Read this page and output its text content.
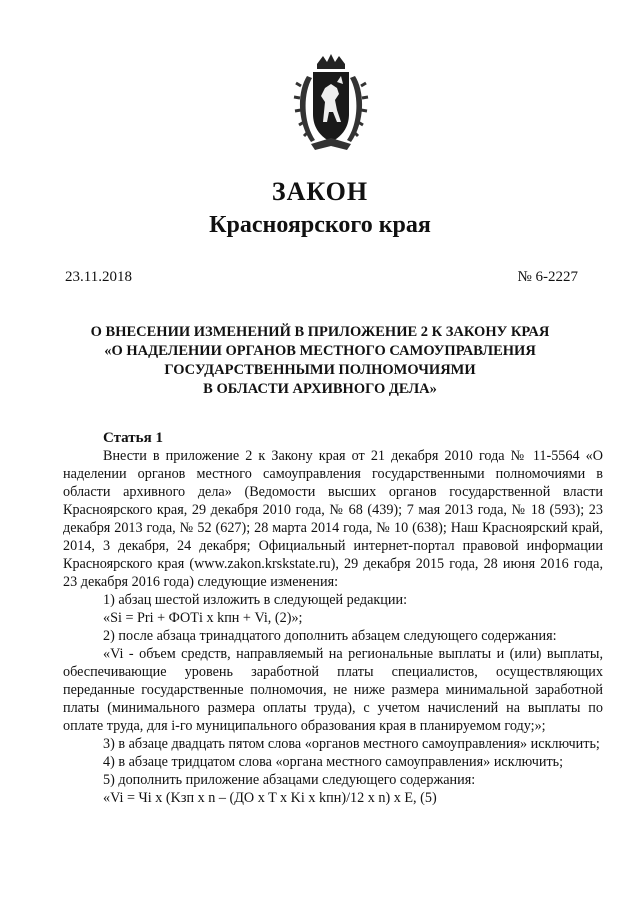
ЗАКОН
Красноярского края
23.11.2018	№ 6-2227
О ВНЕСЕНИИ ИЗМЕНЕНИЙ В ПРИЛОЖЕНИЕ 2 К ЗАКОНУ КРАЯ
«О НАДЕЛЕНИИ ОРГАНОВ МЕСТНОГО САМОУПРАВЛЕНИЯ
ГОСУДАРСТВЕННЫМИ ПОЛНОМОЧИЯМИ
В ОБЛАСТИ АРХИВНОГО ДЕЛА»
Статья 1

Внести в приложение 2 к Закону края от 21 декабря 2010 года № 11-5564 «О наделении органов местного самоуправления государственными полномочиями в области архивного дела» (Ведомости высших органов государственной власти Красноярского края, 29 декабря 2010 года, № 68 (439); 7 мая 2013 года, № 18 (593); 23 декабря 2013 года, № 52 (627); 28 марта 2014 года, № 10 (638); Наш Красноярский край, 2014, 3 декабря, 24 декабря; Официальный интернет-портал правовой информации Красноярского края (www.zakon.krskstate.ru), 29 декабря 2015 года, 28 июня 2016 года, 23 декабря 2016 года) следующие изменения:

1) абзац шестой изложить в следующей редакции:

«Si = Pri + ФОТi x kпн + Vi, (2)»;

2) после абзаца тринадцатого дополнить абзацем следующего содержания:

«Vi - объем средств, направляемый на региональные выплаты и (или) выплаты, обеспечивающие уровень заработной платы специалистов, осуществляющих переданные государственные полномочия, не ниже размера минимальной заработной платы (минимального размера оплаты труда), с учетом начислений на выплаты по оплате труда, для i-го муниципального образования края в планируемом году;»;

3) в абзаце двадцать пятом слова «органов местного самоуправления» исключить;

4) в абзаце тридцатом слова «органа местного самоуправления» исключить;

5) дополнить приложение абзацами следующего содержания:

«Vi = Чi x (Kзп x n – (ДО x T x Ki x kпн)/12 x n) x E, (5)
